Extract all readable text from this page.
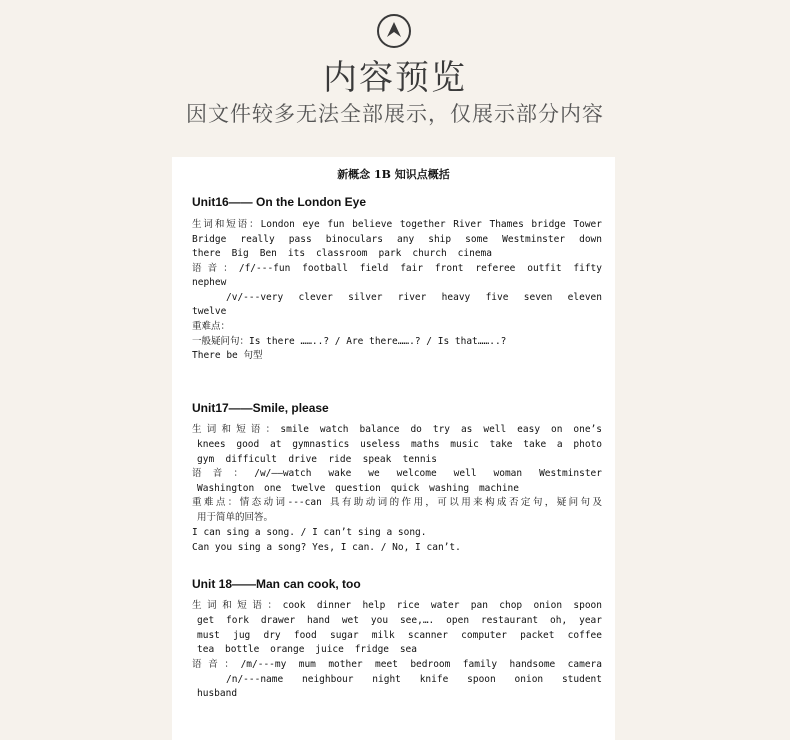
内容预览
因文件较多无法全部展示，仅展示部分内容
新概念 1B 知识点概括
Unit16—— On the London Eye
生词和短语：London eye fun believe together River Thames bridge Tower
Bridge really pass binoculars any ship some Westminster down
there Big Ben its classroom park church cinema
语音：/f/---fun football field fair front referee outfit fifty
nephew
/v/---very clever silver river heavy five seven eleven
twelve
重难点：
一般疑问句：Is there ……..? / Are there…….? / Is that……..?
There be 句型
Unit17——Smile, please
生词和短语：smile watch balance do try as well easy on one’s
knees good at gymnastics useless maths music take take a photo
gym difficult drive ride speak tennis
语音：/w/——watch wake we welcome well woman Westminster
Washington one twelve question quick washing machine
重难点：情态动词---can 具有助动词的作用，可以用来构成否定句，疑问句及
用于简单的回答。
I can sing a song. / I can’t sing a song.
Can you sing a song? Yes, I can. / No, I can’t.
Unit 18——Man can cook, too
生词和短语：cook dinner help rice water pan chop onion spoon
get fork drawer hand wet you see,…. open restaurant oh, year
must jug dry food sugar milk scanner computer packet coffee
tea bottle orange juice fridge sea
语音：/m/---my mum mother meet bedroom family handsome camera
/n/---name neighbour night knife spoon onion student
husband
